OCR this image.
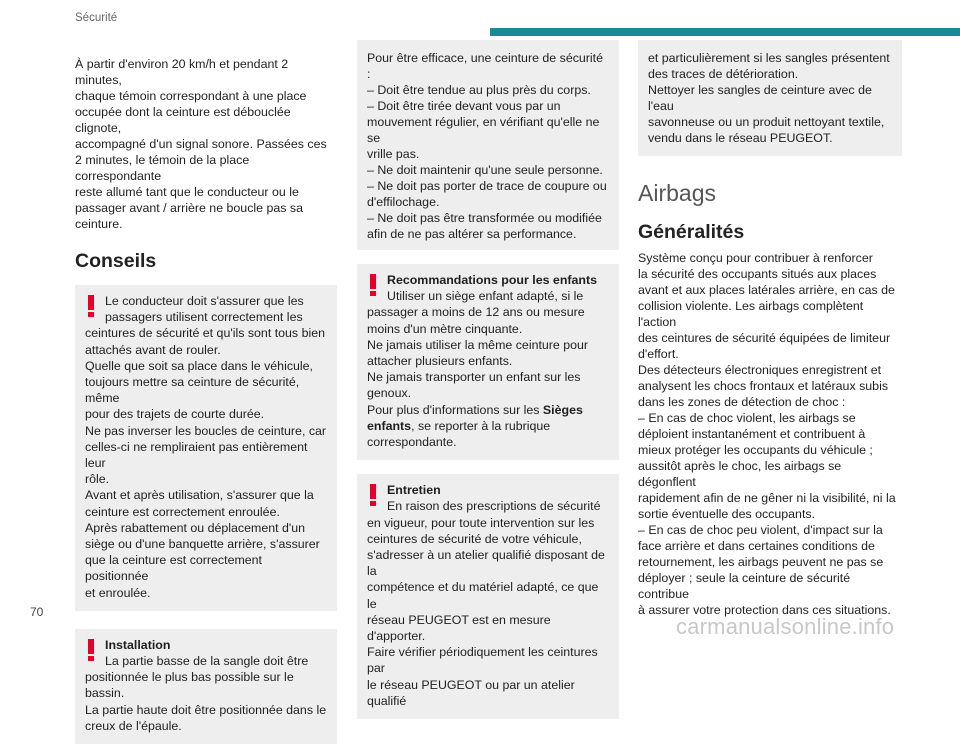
Sécurité

À partir d'environ 20 km/h et pendant 2 minutes,

chaque témoin correspondant à une place

occupée dont la ceinture est débouclée clignote,

accompagné d'un signal sonore. Passées ces

2 minutes, le témoin de la place correspondante

reste allumé tant que le conducteur ou le

passager avant / arrière ne boucle pas sa

ceinture.

Conseils

Le conducteur doit s'assurer que les

passagers utilisent correctement les

ceintures de sécurité et qu'ils sont tous bien

attachés avant de rouler.

Quelle que soit sa place dans le véhicule,

toujours mettre sa ceinture de sécurité, même

pour des trajets de courte durée.

Ne pas inverser les boucles de ceinture, car

celles-ci ne rempliraient pas entièrement leur

rôle.

Avant et après utilisation, s'assurer que la

ceinture est correctement enroulée.

Après rabattement ou déplacement d'un

siège ou d'une banquette arrière, s'assurer

que la ceinture est correctement positionnée

et enroulée.

Installation

La partie basse de la sangle doit être

positionnée le plus bas possible sur le bassin.

La partie haute doit être positionnée dans le

creux de l'épaule.

Pour être efficace, une ceinture de sécurité :

– Doit être tendue au plus près du corps.

– Doit être tirée devant vous par un

mouvement régulier, en vérifiant qu'elle ne se

vrille pas.

– Ne doit maintenir qu'une seule personne.

– Ne doit pas porter de trace de coupure ou

d'effilochage.

– Ne doit pas être transformée ou modifiée

afin de ne pas altérer sa performance.

Recommandations pour les enfants

Utiliser un siège enfant adapté, si le

passager a moins de 12 ans ou mesure

moins d'un mètre cinquante.

Ne jamais utiliser la même ceinture pour

attacher plusieurs enfants.

Ne jamais transporter un enfant sur les

genoux.

Pour plus d'informations sur les Sièges

enfants, se reporter à la rubrique

correspondante.

Entretien

En raison des prescriptions de sécurité

en vigueur, pour toute intervention sur les

ceintures de sécurité de votre véhicule,

s'adresser à un atelier qualifié disposant de la

compétence et du matériel adapté, ce que le

réseau PEUGEOT est en mesure d'apporter.

Faire vérifier périodiquement les ceintures par

le réseau PEUGEOT ou par un atelier qualifié

et particulièrement si les sangles présentent

des traces de détérioration.

Nettoyer les sangles de ceinture avec de l'eau

savonneuse ou un produit nettoyant textile,

vendu dans le réseau PEUGEOT.

Airbags
Généralités

Système conçu pour contribuer à renforcer

la sécurité des occupants situés aux places

avant et aux places latérales arrière, en cas de

collision violente. Les airbags complètent l'action

des ceintures de sécurité équipées de limiteur

d'effort.

Des détecteurs électroniques enregistrent et

analysent les chocs frontaux et latéraux subis

dans les zones de détection de choc :

– En cas de choc violent, les airbags se

déploient instantanément et contribuent à

mieux protéger les occupants du véhicule ;

aussitôt après le choc, les airbags se dégonflent

rapidement afin de ne gêner ni la visibilité, ni la

sortie éventuelle des occupants.

– En cas de choc peu violent, d'impact sur la

face arrière et dans certaines conditions de

retournement, les airbags peuvent ne pas se

déployer ; seule la ceinture de sécurité contribue

à assurer votre protection dans ces situations.

70
carmanualsonline.info
